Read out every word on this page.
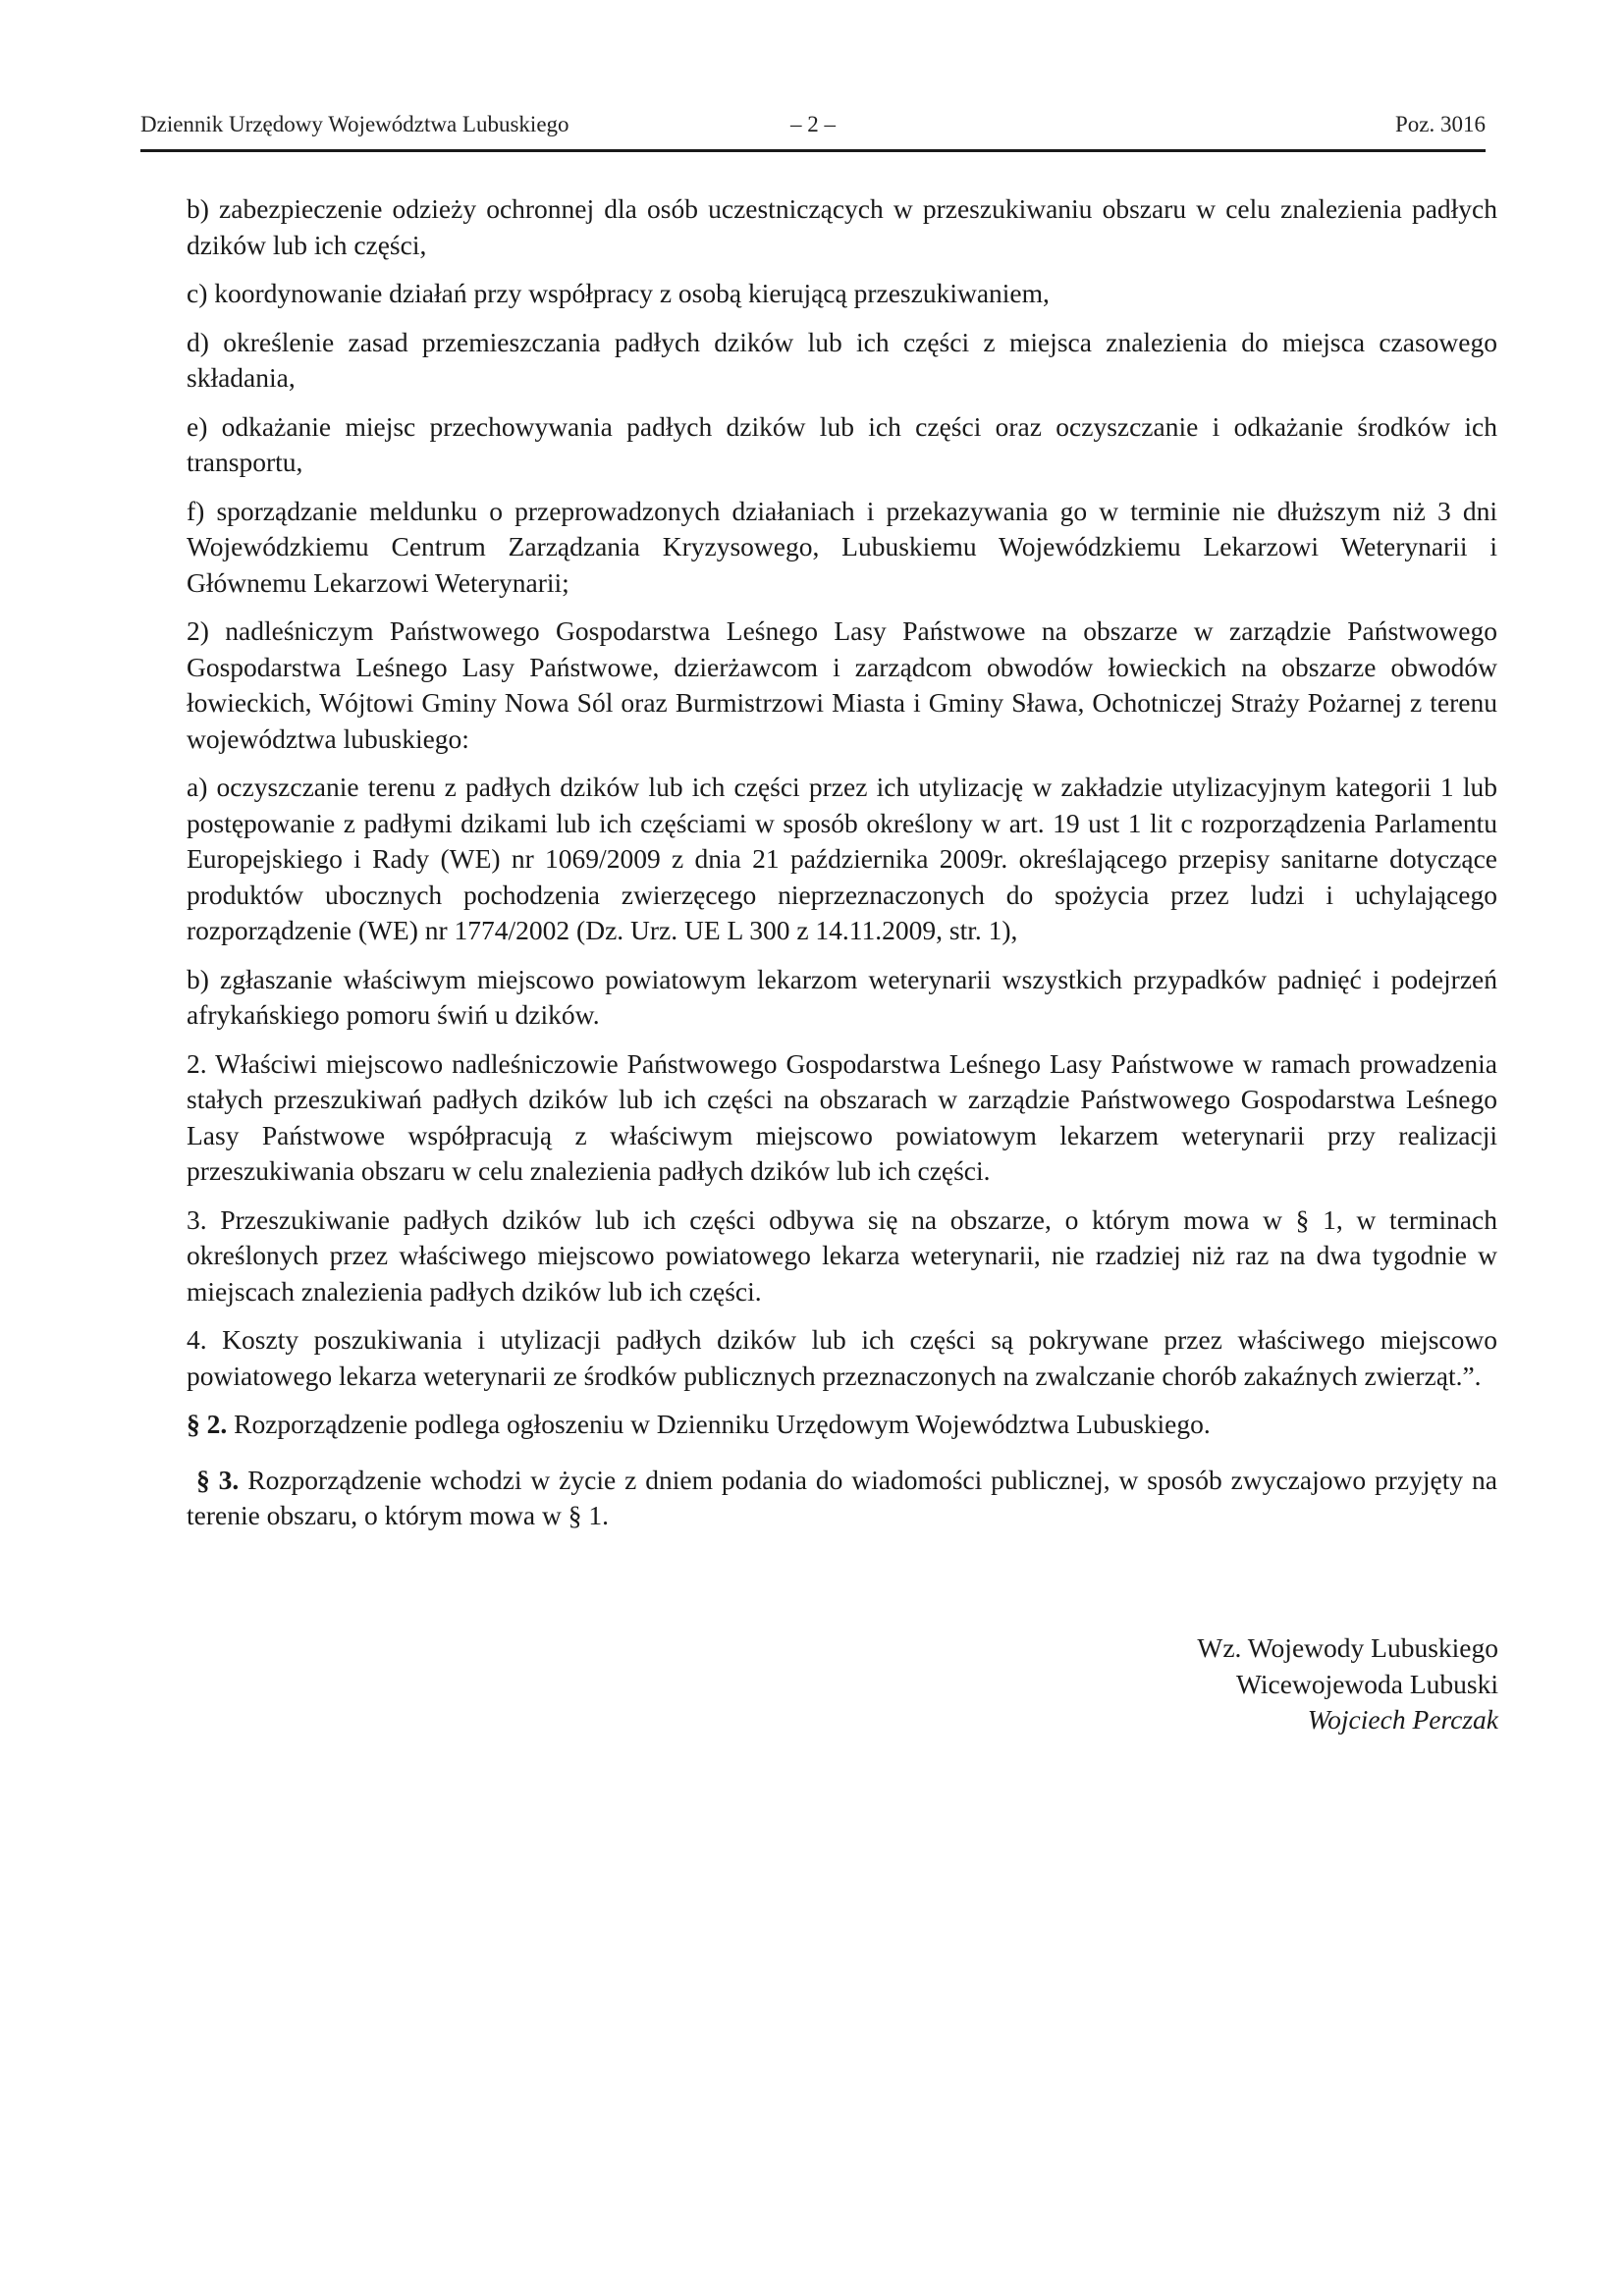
Dziennik Urzędowy Województwa Lubuskiego	– 2 –	Poz. 3016

b) zabezpieczenie odzieży ochronnej dla osób uczestniczących w przeszukiwaniu obszaru w celu znalezienia padłych dzików lub ich części,

c) koordynowanie działań przy współpracy z osobą kierującą przeszukiwaniem,

d) określenie zasad przemieszczania padłych dzików lub ich części z miejsca znalezienia do miejsca czasowego składania,

e) odkażanie miejsc przechowywania padłych dzików lub ich części oraz oczyszczanie i odkażanie środków ich transportu,

f) sporządzanie meldunku o przeprowadzonych działaniach i przekazywania go w terminie nie dłuższym niż 3 dni Wojewódzkiemu Centrum Zarządzania Kryzysowego, Lubuskiemu Wojewódzkiemu Lekarzowi Weterynarii i Głównemu Lekarzowi Weterynarii;

2) nadleśniczym Państwowego Gospodarstwa Leśnego Lasy Państwowe na obszarze w zarządzie Państwowego Gospodarstwa Leśnego Lasy Państwowe, dzierżawcom i zarządcom obwodów łowieckich na obszarze obwodów łowieckich, Wójtowi Gminy Nowa Sól oraz Burmistrzowi Miasta i Gminy Sława, Ochotniczej Straży Pożarnej z terenu województwa lubuskiego:

a) oczyszczanie terenu z padłych dzików lub ich części przez ich utylizację w zakładzie utylizacyjnym kategorii 1 lub postępowanie z padłymi dzikami lub ich częściami w sposób określony w art. 19 ust 1 lit c rozporządzenia Parlamentu Europejskiego i Rady (WE) nr 1069/2009 z dnia 21 października 2009r. określającego przepisy sanitarne dotyczące produktów ubocznych pochodzenia zwierzęcego nieprzeznaczonych do spożycia przez ludzi i uchylającego rozporządzenie (WE) nr 1774/2002 (Dz. Urz. UE L 300 z 14.11.2009, str. 1),

b) zgłaszanie właściwym miejscowo powiatowym lekarzom weterynarii wszystkich przypadków padnięć i podejrzeń afrykańskiego pomoru świń u dzików.

2. Właściwi miejscowo nadleśniczowie Państwowego Gospodarstwa Leśnego Lasy Państwowe w ramach prowadzenia stałych przeszukiwań padłych dzików lub ich części na obszarach w zarządzie Państwowego Gospodarstwa Leśnego Lasy Państwowe współpracują z właściwym miejscowo powiatowym lekarzem weterynarii przy realizacji przeszukiwania obszaru w celu znalezienia padłych dzików lub ich części.

3. Przeszukiwanie padłych dzików lub ich części odbywa się na obszarze, o którym mowa w § 1, w terminach określonych przez właściwego miejscowo powiatowego lekarza weterynarii, nie rzadziej niż raz na dwa tygodnie w miejscach znalezienia padłych dzików lub ich części.

4. Koszty poszukiwania i utylizacji padłych dzików lub ich części są pokrywane przez właściwego miejscowo powiatowego lekarza weterynarii ze środków publicznych przeznaczonych na zwalczanie chorób zakaźnych zwierząt.”.

§ 2. Rozporządzenie podlega ogłoszeniu w Dzienniku Urzędowym Województwa Lubuskiego.

§ 3. Rozporządzenie wchodzi w życie z dniem podania do wiadomości publicznej, w sposób zwyczajowo przyjęty na terenie obszaru, o którym mowa w § 1.

Wz. Wojewody Lubuskiego
Wicewojewoda Lubuski
Wojciech Perczak
